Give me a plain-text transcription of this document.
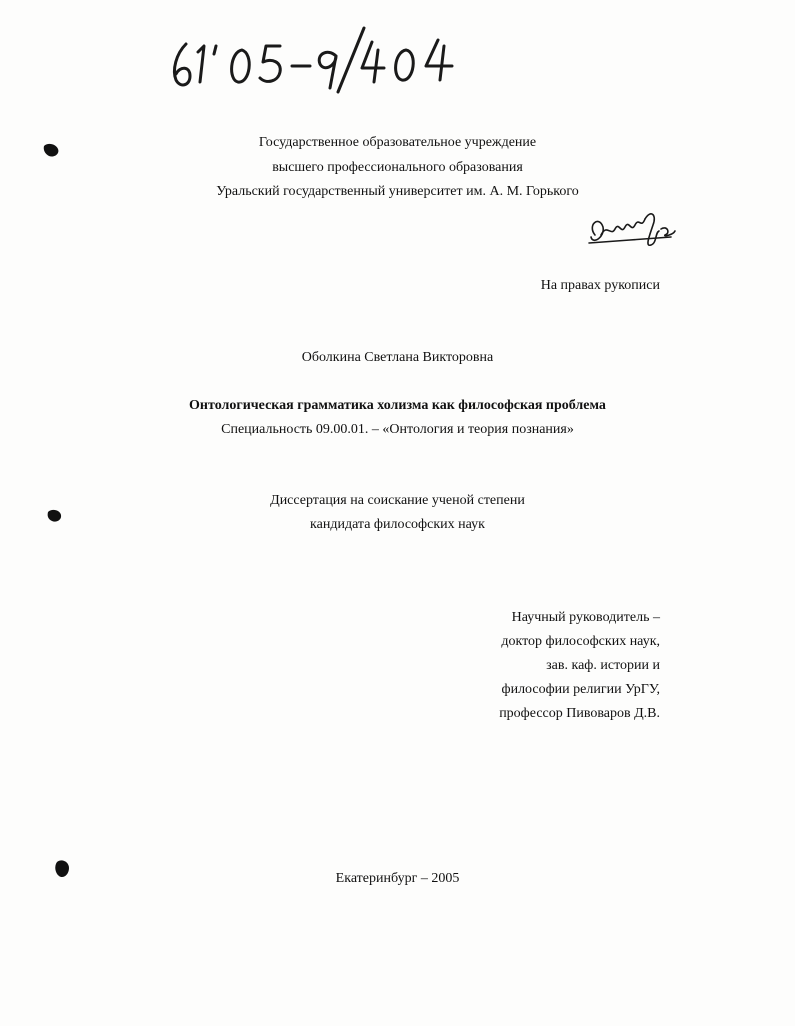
Государственное образовательное учреждение
высшего профессионального образования
Уральский государственный университет им. А. М. Горького
На правах рукописи
Оболкина Светлана Викторовна
Онтологическая грамматика холизма как философская проблема
Специальность 09.00.01. – «Онтология и теория познания»
Диссертация на соискание ученой степени
кандидата философских наук
Научный руководитель –
доктор философских наук,
зав. каф. истории и
философии религии УрГУ,
профессор Пивоваров Д.В.
Екатеринбург – 2005
